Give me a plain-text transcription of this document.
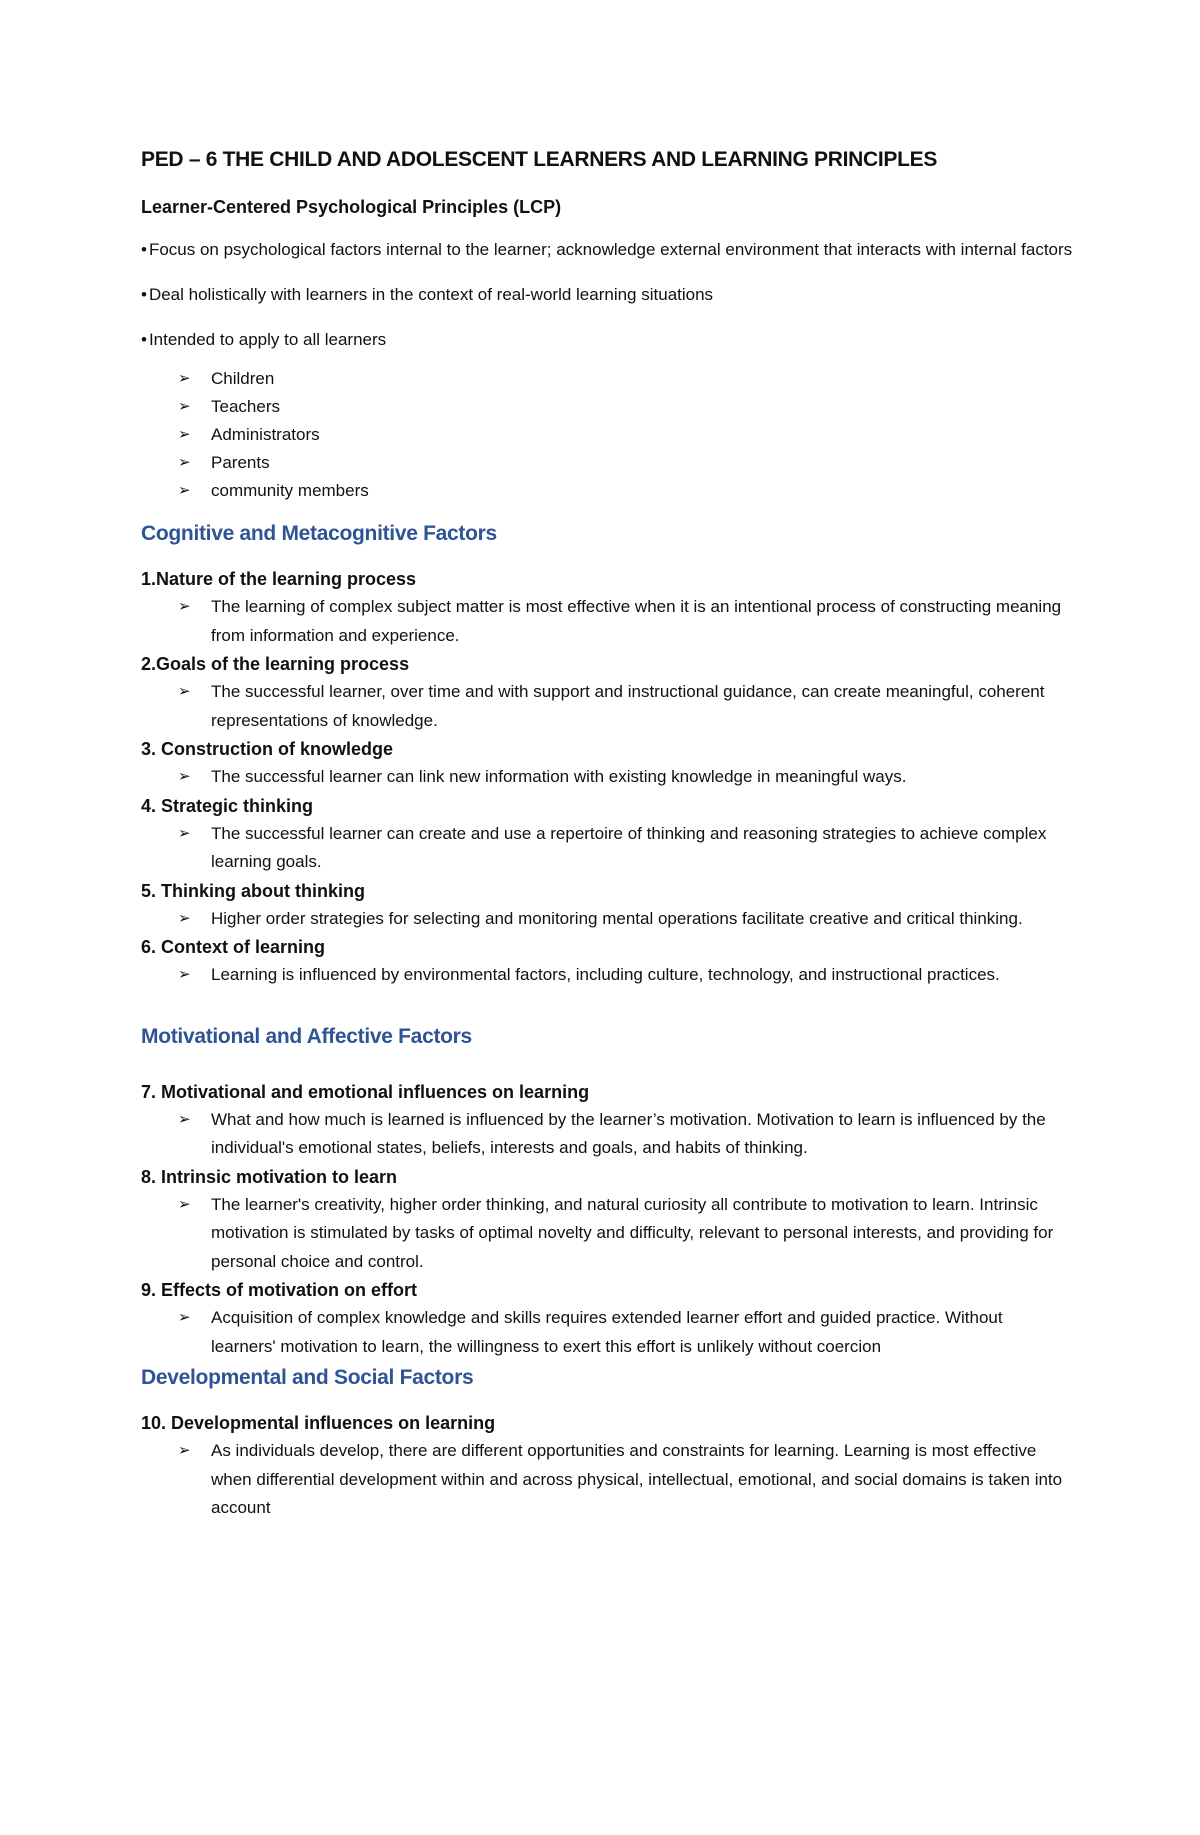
PED – 6 THE CHILD AND ADOLESCENT LEARNERS AND LEARNING PRINCIPLES
Learner-Centered Psychological Principles (LCP)

• Focus on psychological factors internal to the learner; acknowledge external environment that interacts with internal factors

• Deal holistically with learners in the context of real-world learning situations

• Intended to apply to all learners

➢ Children
➢ Teachers
➢ Administrators
➢ Parents
➢ community members
Cognitive and Metacognitive Factors
1.Nature of the learning process
➢ The learning of complex subject matter is most effective when it is an intentional process of constructing meaning from information and experience.
2.Goals of the learning process
➢ The successful learner, over time and with support and instructional guidance, can create meaningful, coherent representations of knowledge.
3. Construction of knowledge
➢ The successful learner can link new information with existing knowledge in meaningful ways.
4. Strategic thinking
➢ The successful learner can create and use a repertoire of thinking and reasoning strategies to achieve complex learning goals.
5. Thinking about thinking
➢ Higher order strategies for selecting and monitoring mental operations facilitate creative and critical thinking.
6. Context of learning
➢ Learning is influenced by environmental factors, including culture, technology, and instructional practices.
Motivational and Affective Factors
7. Motivational and emotional influences on learning
➢ What and how much is learned is influenced by the learner’s motivation. Motivation to learn is influenced by the individual's emotional states, beliefs, interests and goals, and habits of thinking.
8. Intrinsic motivation to learn
➢ The learner's creativity, higher order thinking, and natural curiosity all contribute to motivation to learn. Intrinsic motivation is stimulated by tasks of optimal novelty and difficulty, relevant to personal interests, and providing for personal choice and control.
9. Effects of motivation on effort
➢ Acquisition of complex knowledge and skills requires extended learner effort and guided practice. Without learners' motivation to learn, the willingness to exert this effort is unlikely without coercion
Developmental and Social Factors
10. Developmental influences on learning
➢ As individuals develop, there are different opportunities and constraints for learning. Learning is most effective when differential development within and across physical, intellectual, emotional, and social domains is taken into account
